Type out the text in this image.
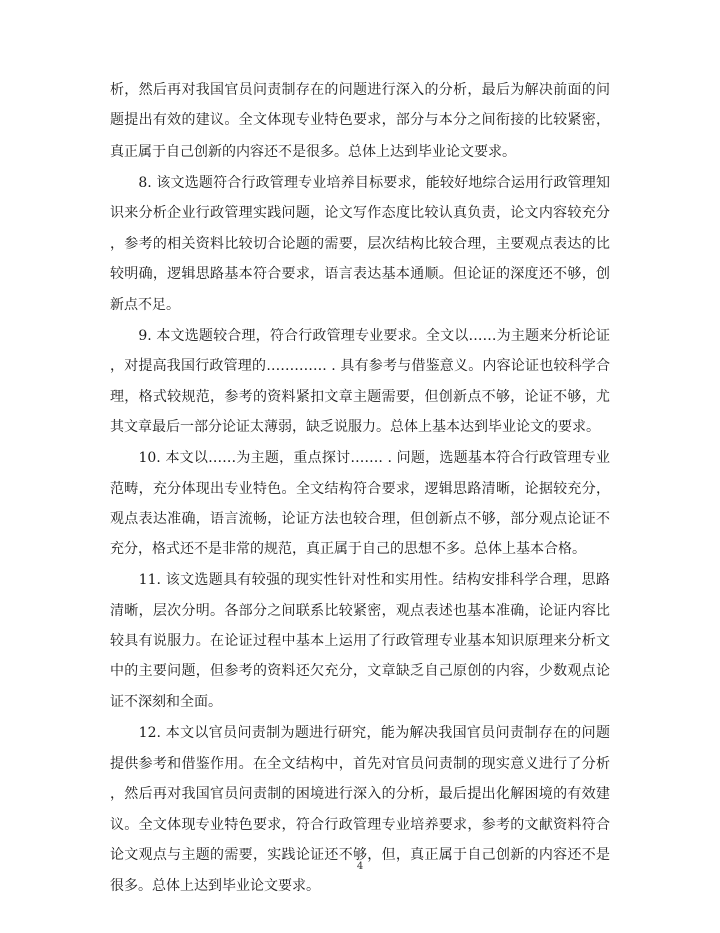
析，然后再对我国官员问责制存在的问题进行深入的分析，最后为解决前面的问
题提出有效的建议。全文体现专业特色要求，部分与本分之间衔接的比较紧密，
真正属于自己创新的内容还不是很多。总体上达到毕业论文要求。
　　8. 该文选题符合行政管理专业培养目标要求，能较好地综合运用行政管理知
识来分析企业行政管理实践问题，论文写作态度比较认真负责，论文内容较充分
，参考的相关资料比较切合论题的需要，层次结构比较合理，主要观点表达的比
较明确，逻辑思路基本符合要求，语言表达基本通顺。但论证的深度还不够，创
新点不足。
　　9. 本文选题较合理，符合行政管理专业要求。全文以……为主题来分析论证
，对提高我国行政管理的…………. . 具有参考与借鉴意义。内容论证也较科学合
理，格式较规范，参考的资料紧扣文章主题需要，但创新点不够，论证不够，尤
其文章最后一部分论证太薄弱，缺乏说服力。总体上基本达到毕业论文的要求。
　　10. 本文以……为主题，重点探讨……. . 问题，选题基本符合行政管理专业
范畴，充分体现出专业特色。全文结构符合要求，逻辑思路清晰，论据较充分，
观点表达准确，语言流畅，论证方法也较合理，但创新点不够，部分观点论证不
充分，格式还不是非常的规范，真正属于自己的思想不多。总体上基本合格。
　　11. 该文选题具有较强的现实性针对性和实用性。结构安排科学合理，思路
清晰，层次分明。各部分之间联系比较紧密，观点表述也基本准确，论证内容比
较具有说服力。在论证过程中基本上运用了行政管理专业基本知识原理来分析文
中的主要问题，但参考的资料还欠充分，文章缺乏自己原创的内容，少数观点论
证不深刻和全面。
　　12. 本文以官员问责制为题进行研究，能为解决我国官员问责制存在的问题
提供参考和借鉴作用。在全文结构中，首先对官员问责制的现实意义进行了分析
，然后再对我国官员问责制的困境进行深入的分析，最后提出化解困境的有效建
议。全文体现专业特色要求，符合行政管理专业培养要求，参考的文献资料符合
论文观点与主题的需要，实践论证还不够，但，真正属于自己创新的内容还不是
很多。总体上达到毕业论文要求。
4
